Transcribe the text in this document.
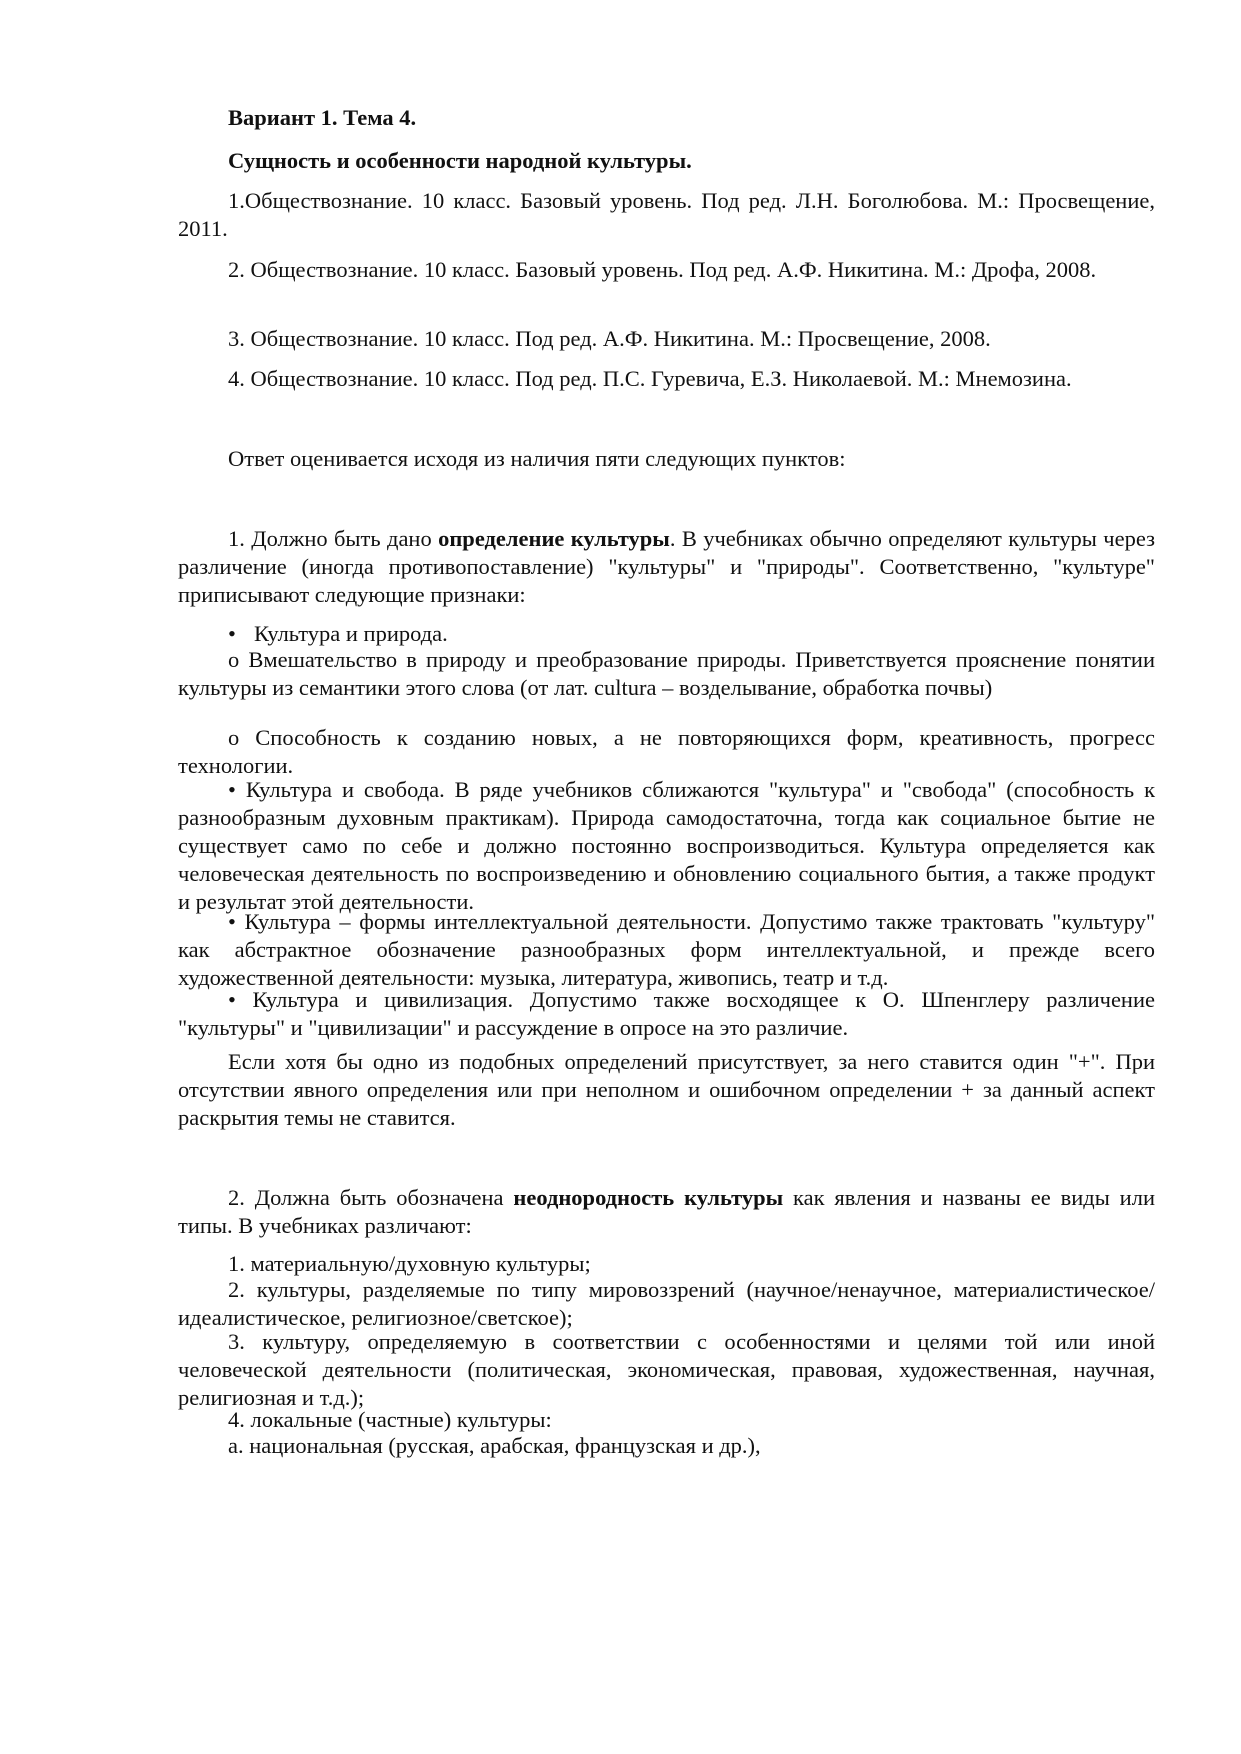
Вариант 1. Тема 4.

Сущность и особенности народной культуры.

1.Обществознание. 10 класс. Базовый уровень. Под ред. Л.Н. Боголюбова. М.: Просвещение, 2011.

2. Обществознание. 10 класс. Базовый уровень. Под ред. А.Ф. Никитина. М.: Дрофа, 2008.

3. Обществознание. 10 класс. Под ред. А.Ф. Никитина. М.: Просвещение, 2008.

4. Обществознание. 10 класс. Под ред. П.С. Гуревича, Е.З. Николаевой. М.: Мнемозина.

Ответ оценивается исходя из наличия пяти следующих пунктов:

1. Должно быть дано определение культуры. В учебниках обычно определяют культуры через различение (иногда противопоставление) "культуры" и "природы". Соответственно, "культуре" приписывают следующие признаки:

• Культура и природа.

o Вмешательство в природу и преобразование природы. Приветствуется прояснение понятии культуры из семантики этого слова (от лат. cultura – возделывание, обработка почвы)

o Способность к созданию новых, а не повторяющихся форм, креативность, прогресс технологии.

• Культура и свобода. В ряде учебников сближаются "культура" и "свобода" (способность к разнообразным духовным практикам). Природа самодостаточна, тогда как социальное бытие не существует само по себе и должно постоянно воспроизводиться. Культура определяется как человеческая деятельность по воспроизведению и обновлению социального бытия, а также продукт и результат этой деятельности.

• Культура – формы интеллектуальной деятельности. Допустимо также трактовать "культуру" как абстрактное обозначение разнообразных форм интеллектуальной, и прежде всего художественной деятельности: музыка, литература, живопись, театр и т.д.

• Культура и цивилизация. Допустимо также восходящее к О. Шпенглеру различение "культуры" и "цивилизации" и рассуждение в опросе на это различие.

Если хотя бы одно из подобных определений присутствует, за него ставится один "+". При отсутствии явного определения или при неполном и ошибочном определении + за данный аспект раскрытия темы не ставится.

2. Должна быть обозначена неоднородность культуры как явления и названы ее виды или типы. В учебниках различают:

1. материальную/духовную культуры;

2. культуры, разделяемые по типу мировоззрений (научное/ненаучное, материалистическое/идеалистическое, религиозное/светское);

3. культуру, определяемую в соответствии с особенностями и целями той или иной человеческой деятельности (политическая, экономическая, правовая, художественная, научная, религиозная и т.д.);

4. локальные (частные) культуры:

а. национальная (русская, арабская, французская и др.),
